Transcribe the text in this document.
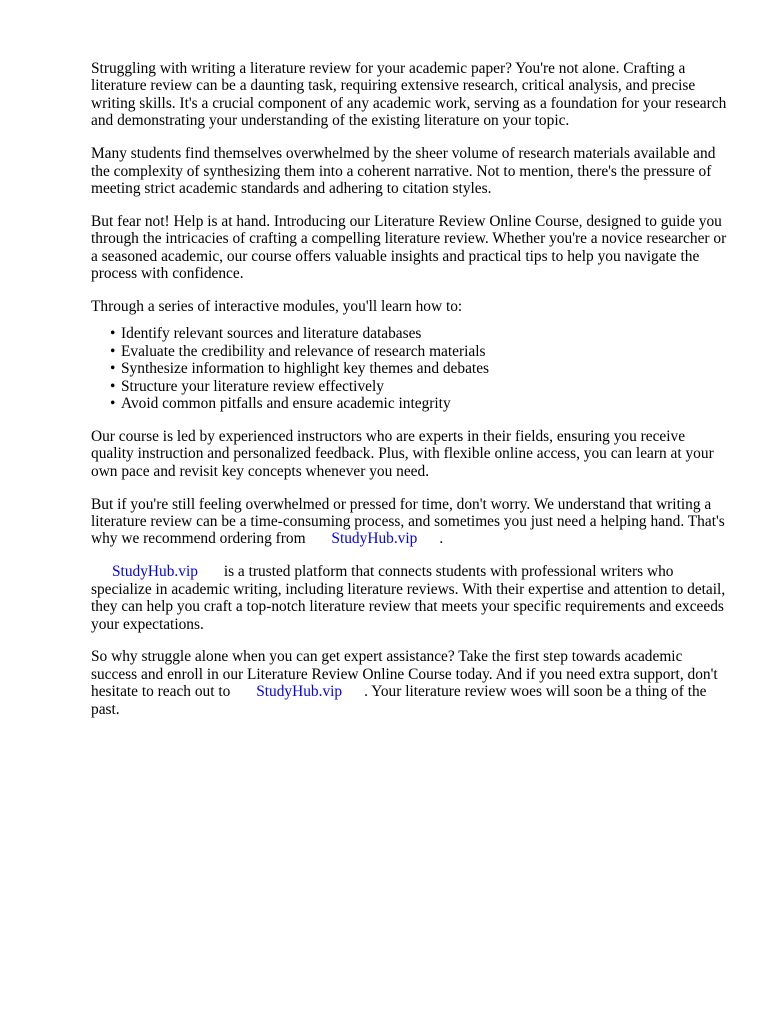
Struggling with writing a literature review for your academic paper? You're not alone. Crafting a literature review can be a daunting task, requiring extensive research, critical analysis, and precise writing skills. It's a crucial component of any academic work, serving as a foundation for your research and demonstrating your understanding of the existing literature on your topic.

Many students find themselves overwhelmed by the sheer volume of research materials available and the complexity of synthesizing them into a coherent narrative. Not to mention, there's the pressure of meeting strict academic standards and adhering to citation styles.

But fear not! Help is at hand. Introducing our Literature Review Online Course, designed to guide you through the intricacies of crafting a compelling literature review. Whether you're a novice researcher or a seasoned academic, our course offers valuable insights and practical tips to help you navigate the process with confidence.

Through a series of interactive modules, you'll learn how to:

• Identify relevant sources and literature databases
• Evaluate the credibility and relevance of research materials
• Synthesize information to highlight key themes and debates
• Structure your literature review effectively
• Avoid common pitfalls and ensure academic integrity

Our course is led by experienced instructors who are experts in their fields, ensuring you receive quality instruction and personalized feedback. Plus, with flexible online access, you can learn at your own pace and revisit key concepts whenever you need.

But if you're still feeling overwhelmed or pressed for time, don't worry. We understand that writing a literature review can be a time-consuming process, and sometimes you just need a helping hand. That's why we recommend ordering from StudyHub.vip .

StudyHub.vip is a trusted platform that connects students with professional writers who specialize in academic writing, including literature reviews. With their expertise and attention to detail, they can help you craft a top-notch literature review that meets your specific requirements and exceeds your expectations.

So why struggle alone when you can get expert assistance? Take the first step towards academic success and enroll in our Literature Review Online Course today. And if you need extra support, don't hesitate to reach out to StudyHub.vip . Your literature review woes will soon be a thing of the past.
